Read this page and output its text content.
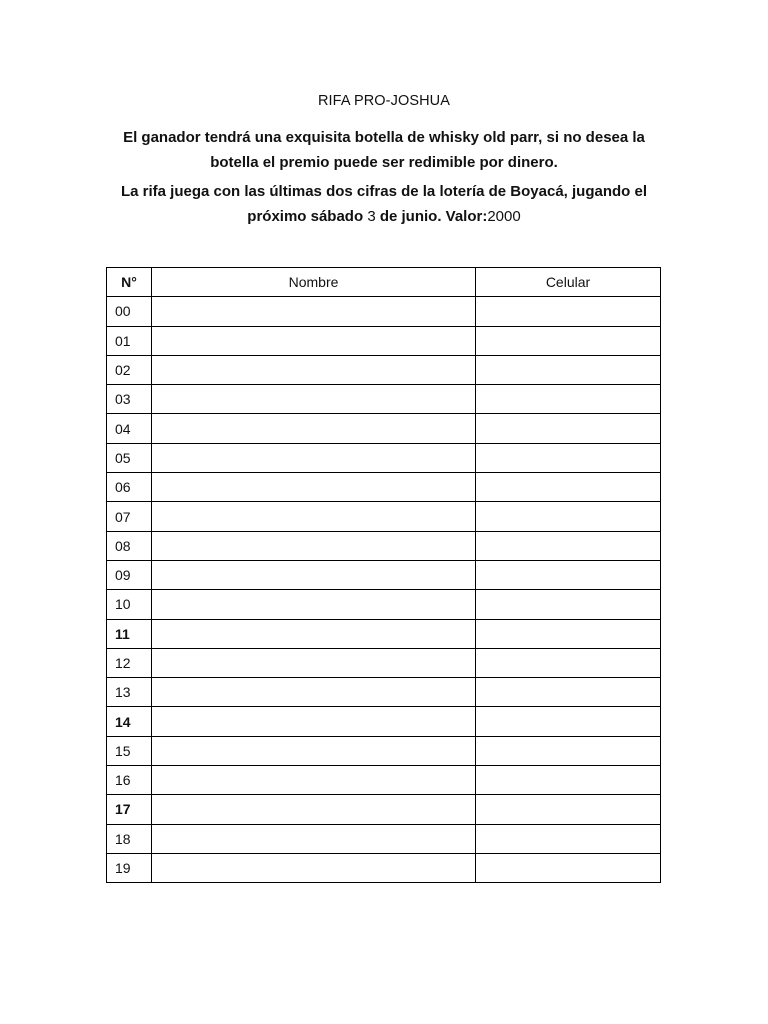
RIFA PRO-JOSHUA
El ganador tendrá una exquisita botella de whisky old parr, si no desea la botella el premio puede ser redimible por dinero.
La rifa juega con las últimas dos cifras de la lotería de Boyacá, jugando el próximo sábado 3 de junio. Valor:2000
N°	Nombre	Celular
00		
01		
02		
03		
04		
05		
06		
07		
08		
09		
10		
11		
12		
13		
14		
15		
16		
17		
18		
19		
